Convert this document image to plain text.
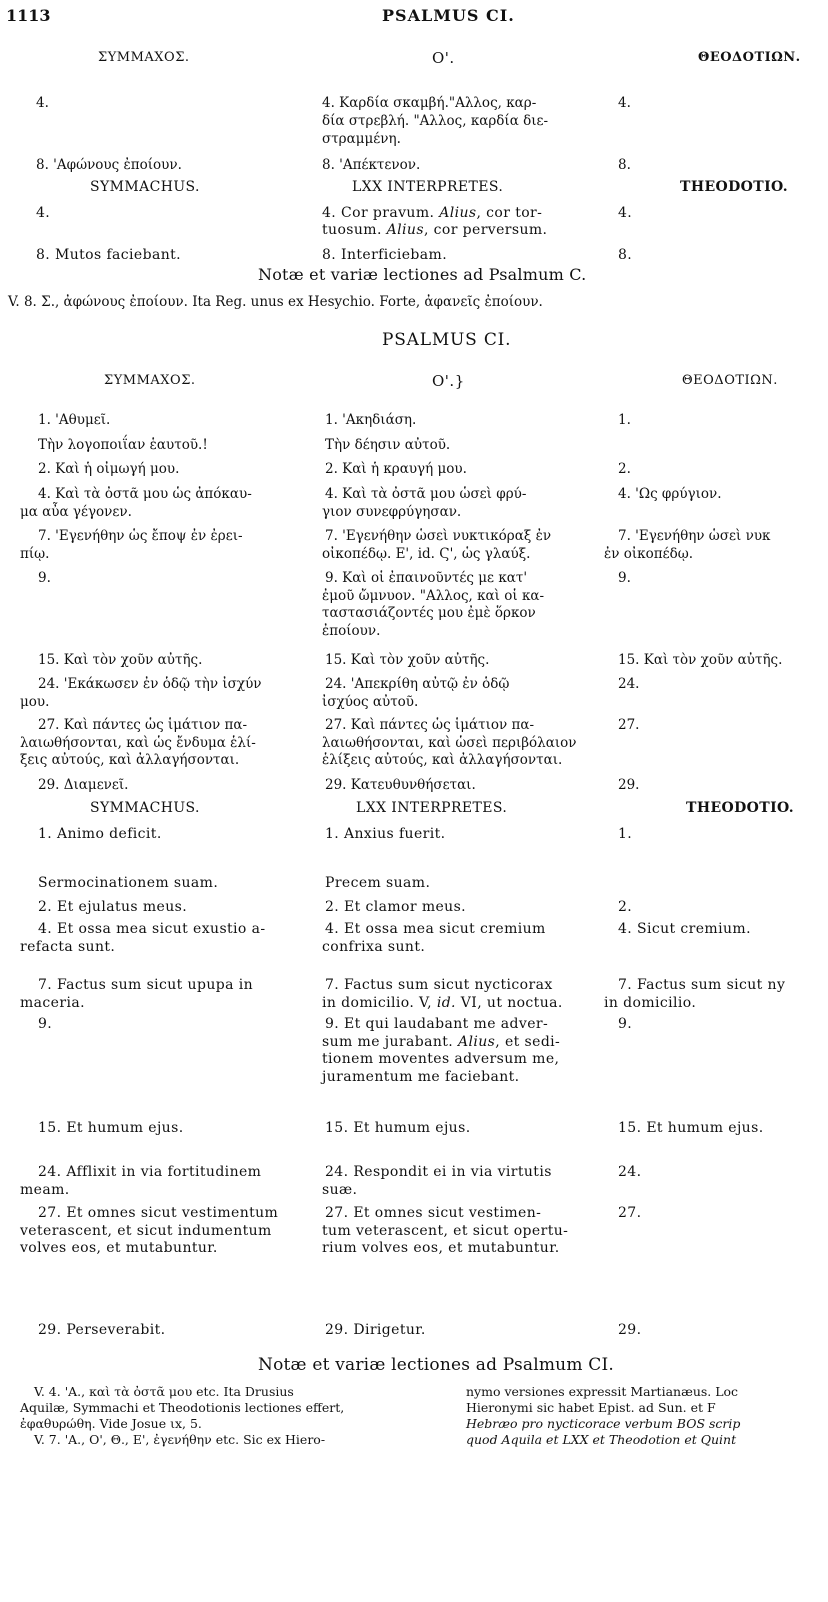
1113	PSALMUS CI.
ΣΥΜΜΑΧΟΣ.	O'.	ΘΕΟΔΟΤΙΩΝ.
4.	4. Καρδία σκαμβή."Αλλος, καρ-
δία στρεβλή. "Αλλος, καρδία διε-
στραμμένη.
4.
8. 'Αφώνους ἐποίουν.	8. 'Απέκτενον.	8.
SYMMACHUS.	LXX INTERPRETES.	THEODOTIO.
4.	4. Cor pravum. Alius, cor tor-
tuosum. Alius, cor perversum.
4.
8. Mutos faciebant.	8. Interficiebam.	8.
Notæ et variæ lectiones ad Psalmum C.
V. 8. Σ., ἀφώνους ἐποίουν. Ita Reg. unus ex Hesychio. Forte, ἀφανεῖς ἐποίουν.
PSALMUS CI.
ΣΥΜΜΑΧΟΣ.	O'.}	ΘΕΟΔΟΤΙΩΝ.
1. 'Αθυμεῖ.	1. 'Ακηδιάση.	1.
Τὴν λογοποιΐαν ἑαυτοῦ.!	Τὴν δέησιν αὐτοῦ.
2. Καὶ ἡ οἰμωγή μου.	2. Καὶ ἡ κραυγή μου.	2.
4. Καὶ τὰ ὀστᾶ μου ὡς ἀπόκαυ-
μα αὖα γέγονεν.
4. Καὶ τὰ ὀστᾶ μου ὡσεὶ φρύ-
γιον συνεφρύγησαν.
4. 'Ως φρύγιον.
7. 'Εγενήθην ὡς ἔποψ ἐν ἐρει-
πίῳ.
7. 'Εγενήθην ὡσεὶ νυκτικόραξ ἐν
οἰκοπέδῳ. Ε', id. Ϛ', ὡς γλαύξ.
7. 'Εγενήθην ὡσεὶ νυκ
ἐν οἰκοπέδῳ.
9.	9. Καὶ οἱ ἐπαινοῦντές με κατ'
ἐμοῦ ὤμνυον. "Αλλος, καὶ οἱ κα-
ταστασιάζοντές μου ἐμὲ ὅρκον
ἐποίουν.
9.
15. Καὶ τὸν χοῦν αὐτῆς.	15. Καὶ τὸν χοῦν αὐτῆς.	15. Καὶ τὸν χοῦν αὐτῆς.
24. 'Εκάκωσεν ἐν ὁδῷ τὴν ἰσχύν
μου.
24. 'Απεκρίθη αὐτῷ ἐν ὁδῷ
ἰσχύος αὐτοῦ.
24.
27. Καὶ πάντες ὡς ἱμάτιον πα-
λαιωθήσονται, καὶ ὡς ἔνδυμα ἑλί-
ξεις αὐτούς, καὶ ἀλλαγήσονται.
27. Καὶ πάντες ὡς ἱμάτιον πα-
λαιωθήσονται, καὶ ὡσεὶ περιβόλαιον
ἑλίξεις αὐτούς, καὶ ἀλλαγήσονται.
27.
29. Διαμενεῖ.	29. Κατευθυνθήσεται.	29.
SYMMACHUS.	LXX INTERPRETES.	THEODOTIO.
1. Animo deficit.	1. Anxius fuerit.	1.
Sermocinationem suam.	Precem suam.
2. Et ejulatus meus.	2. Et clamor meus.	2.
4. Et ossa mea sicut exustio a-
refacta sunt.
4. Et ossa mea sicut cremium
confrixa sunt.
4. Sicut cremium.
7. Factus sum sicut upupa in
maceria.
7. Factus sum sicut nycticorax
in domicilio. V, id. VI, ut noctua.
7. Factus sum sicut ny
in domicilio.
9.	9. Et qui laudabant me adver-
sum me jurabant. Alius, et sedi-
tionem moventes adversum me,
juramentum me faciebant.
9.
15. Et humum ejus.	15. Et humum ejus.	15. Et humum ejus.
24. Afflixit in via fortitudinem
meam.
24. Respondit ei in via virtutis
suæ.
24.
27. Et omnes sicut vestimentum
veterascent, et sicut indumentum
volves eos, et mutabuntur.
27. Et omnes sicut vestimen-
tum veterascent, et sicut opertu-
rium volves eos, et mutabuntur.
27.
29. Perseverabit.	29. Dirigetur.	29.
Notæ et variæ lectiones ad Psalmum CI.
V. 4. 'Α., καὶ τὰ ὀστᾶ μου etc. Ita Drusius
Aquilæ, Symmachi et Theodotionis lectiones effert,
ἐφαθυρώθη. Vide Josue ιx, 5.
V. 7. 'Α., Ο', Θ., Ε', ἐγενήθην etc. Sic ex Hiero-
nymo versiones expressit Martianæus. Loc
Hieronymi sic habet Epist. ad Sun. et F
Hebræo pro nycticorace verbum BOS scrip
quod Aquila et LXX et Theodotion et Quint
